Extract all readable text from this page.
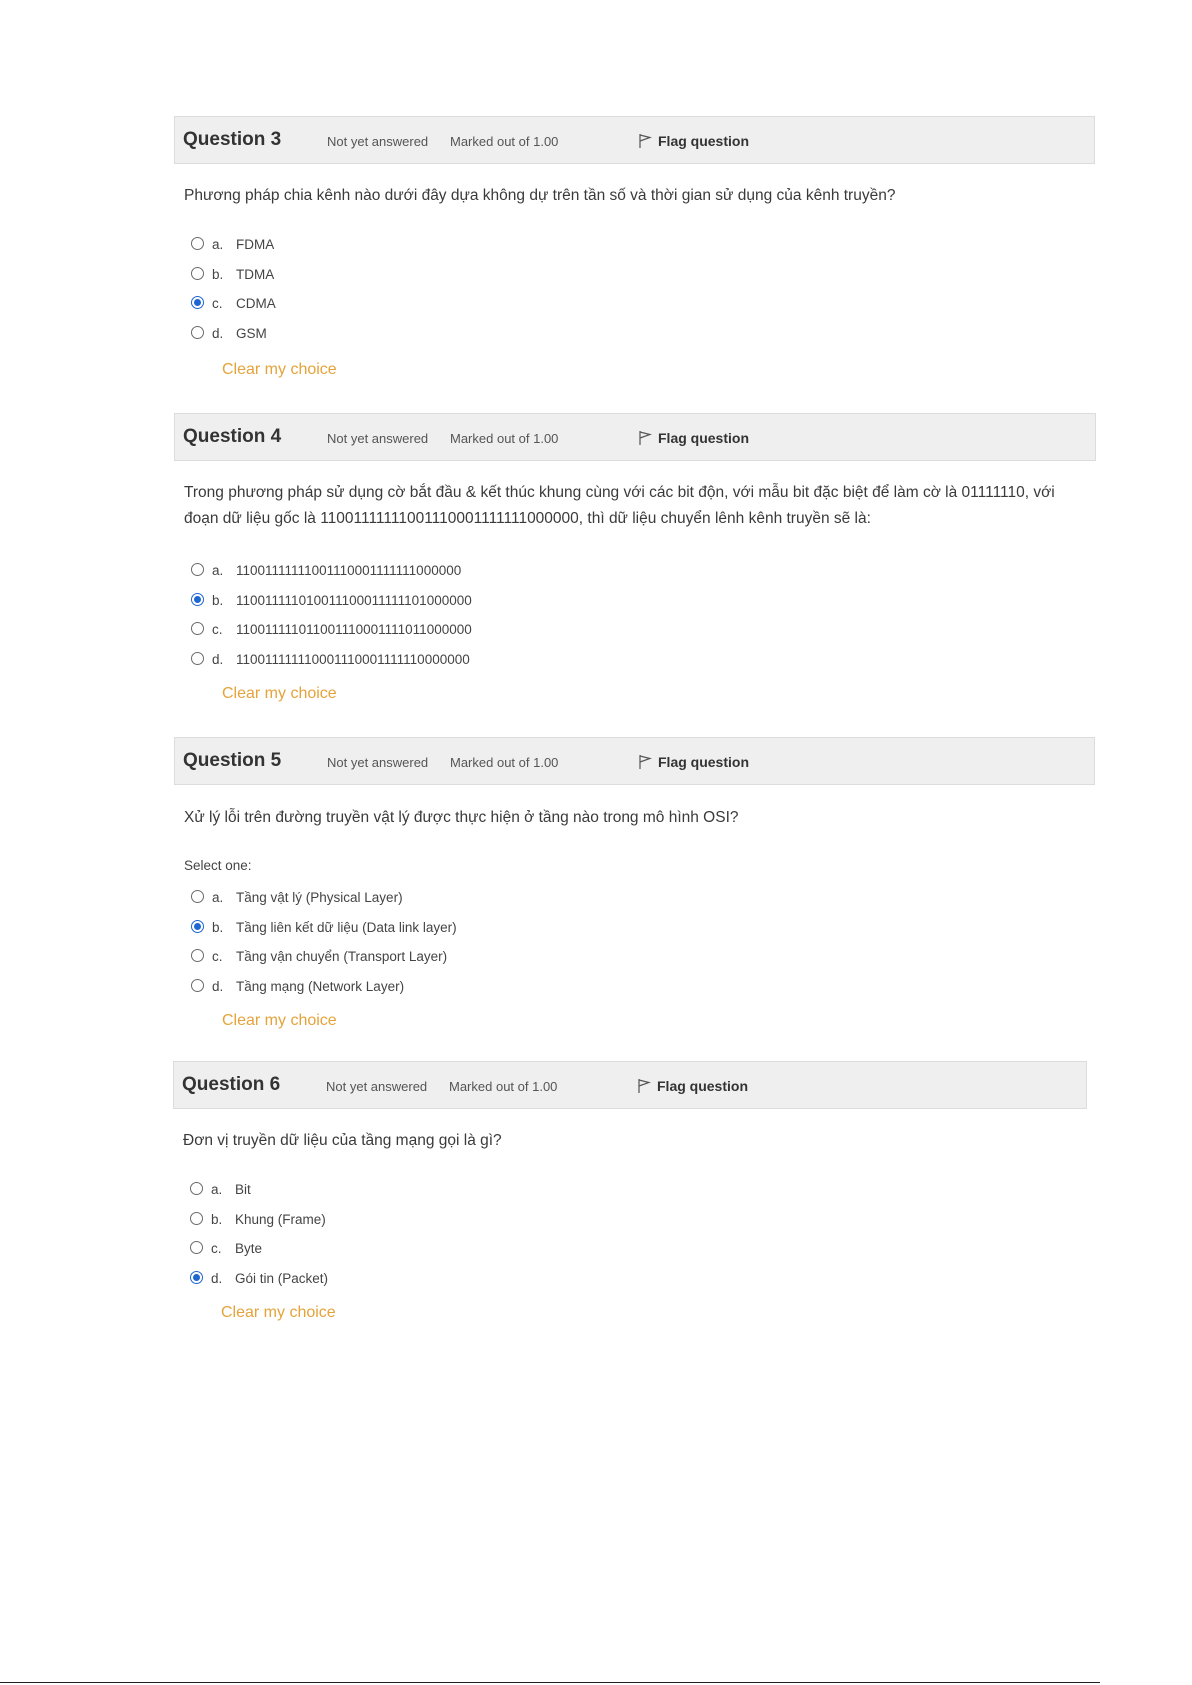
Question 3	Not yet answered Marked out of 1.00	Flag question
Phương pháp chia kênh nào dưới đây dựa không dự trên tần số và thời gian sử dụng của kênh truyền?
a. FDMA
b. TDMA
c. CDMA
d. GSM
Clear my choice
Question 4	Not yet answered Marked out of 1.00	Flag question
Trong phương pháp sử dụng cờ bắt đầu & kết thúc khung cùng với các bit độn, với mẫu bit đặc biệt để làm cờ là 01111110, với đoạn dữ liệu gốc là 11001111111001110001111111000000, thì dữ liệu chuyển lênh kênh truyền sẽ là:
a. 11001111111001110001111111000000
b. 110011111010011100011111101000000
c. 110011111011001110001111011000000
d. 110011111110001110001111110000000
Clear my choice
Question 5	Not yet answered Marked out of 1.00	Flag question
Xử lý lỗi trên đường truyền vật lý được thực hiện ở tầng nào trong mô hình OSI?
Select one:
a. Tầng vật lý (Physical Layer)
b. Tầng liên kết dữ liệu (Data link layer)
c. Tầng vận chuyển (Transport Layer)
d. Tầng mạng (Network Layer)
Clear my choice
Question 6	Not yet answered Marked out of 1.00	Flag question
Đơn vị truyền dữ liệu của tầng mạng gọi là gì?
a. Bit
b. Khung (Frame)
c. Byte
d. Gói tin (Packet)
Clear my choice
